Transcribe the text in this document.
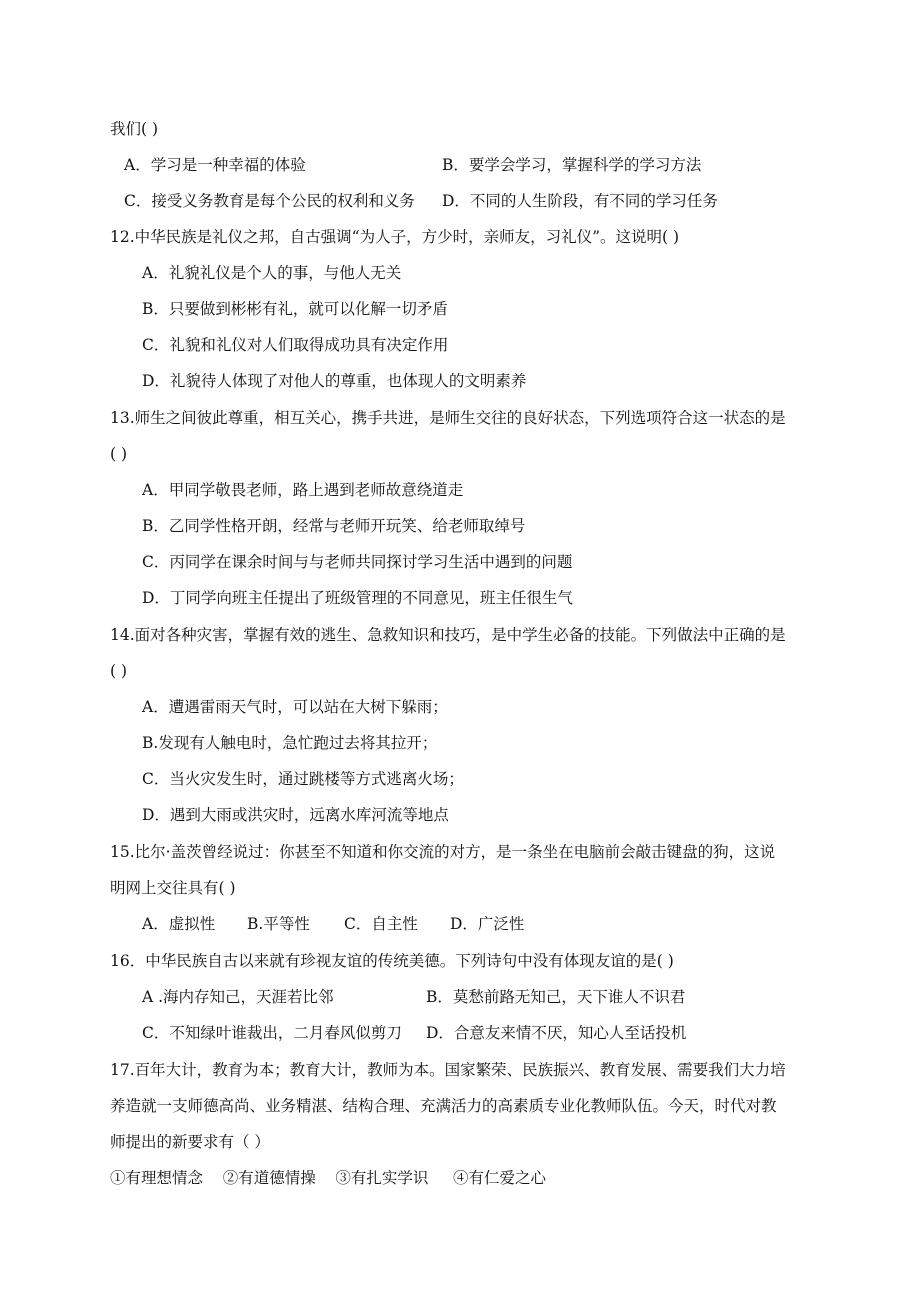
我们( )
A．学习是一种幸福的体验	B．要学会学习，掌握科学的学习方法
C．接受义务教育是每个公民的权利和义务 D．不同的人生阶段，有不同的学习任务
12.中华民族是礼仪之邦，自古强调“为人子，方少时，亲师友，习礼仪”。这说明( )
A．礼貌礼仪是个人的事，与他人无关
B．只要做到彬彬有礼，就可以化解一切矛盾
C．礼貌和礼仪对人们取得成功具有决定作用
D．礼貌待人体现了对他人的尊重，也体现人的文明素养
13.师生之间彼此尊重，相互关心，携手共进，是师生交往的良好状态，下列选项符合这一状态的是
( )
A．甲同学敬畏老师，路上遇到老师故意绕道走
B．乙同学性格开朗，经常与老师开玩笑、给老师取绰号
C．丙同学在课余时间与与老师共同探讨学习生活中遇到的问题
D．丁同学向班主任提出了班级管理的不同意见，班主任很生气
14.面对各种灾害，掌握有效的逃生、急救知识和技巧，是中学生必备的技能。下列做法中正确的是
( )
A．遭遇雷雨天气时，可以站在大树下躲雨；
B.发现有人触电时，急忙跑过去将其拉开；
C．当火灾发生时，通过跳楼等方式逃离火场；
D．遇到大雨或洪灾时，远离水库河流等地点
15.比尔·盖茨曾经说过：你甚至不知道和你交流的对方，是一条坐在电脑前会敲击键盘的狗，这说
明网上交往具有( )
A．虚拟性 B.平等性 C．自主性 D．广泛性
16．中华民族自古以来就有珍视友谊的传统美德。下列诗句中没有体现友谊的是( )
A .海内存知己，天涯若比邻	B．莫愁前路无知己，天下谁人不识君
C．不知绿叶谁裁出，二月春风似剪刀 D．合意友来情不厌，知心人至话投机
17.百年大计，教育为本；教育大计，教师为本。国家繁荣、民族振兴、教育发展、需要我们大力培
养造就一支师德高尚、业务精湛、结构合理、充满活力的高素质专业化教师队伍。今天，时代对教
师提出的新要求有（ ）
①有理想情念    ②有道德情操    ③有扎实学识     ④有仁爱之心
